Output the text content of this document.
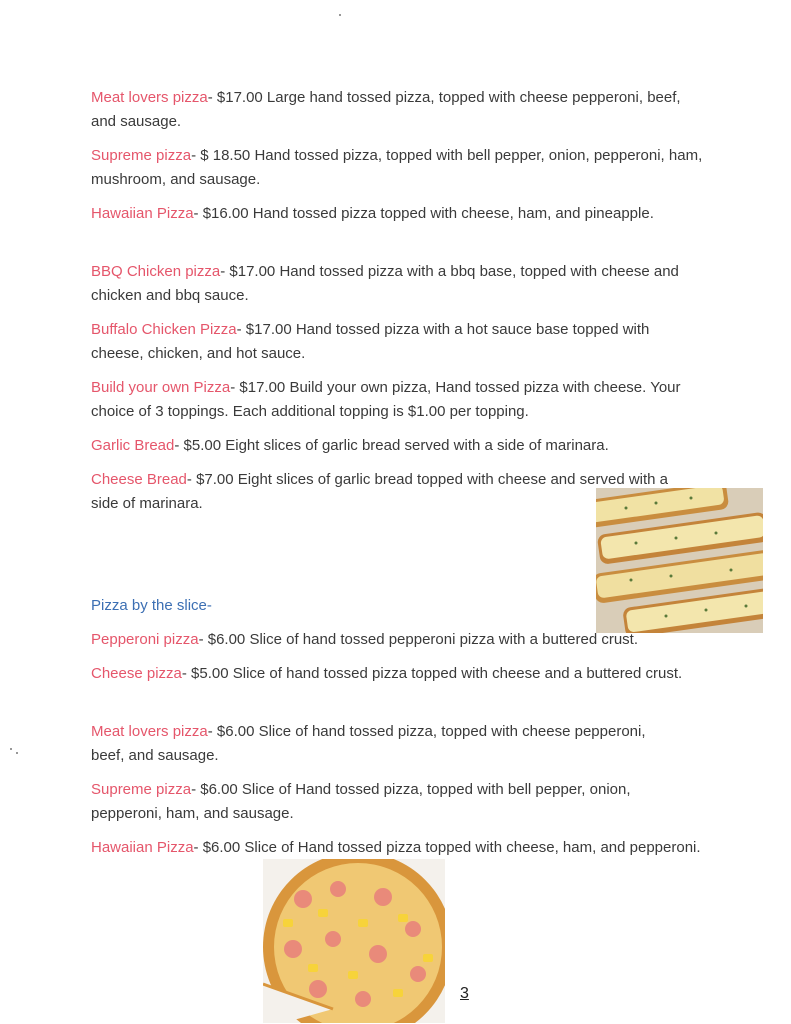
Meat lovers pizza- $17.00 Large hand tossed pizza, topped with cheese pepperoni, beef, and sausage.
Supreme pizza- $ 18.50 Hand tossed pizza, topped with bell pepper, onion, pepperoni, ham, mushroom, and sausage.
Hawaiian Pizza- $16.00 Hand tossed pizza topped with cheese, ham, and pineapple.
BBQ Chicken pizza- $17.00 Hand tossed pizza with a bbq base, topped with cheese and chicken and bbq sauce.
Buffalo Chicken Pizza- $17.00 Hand tossed pizza with a hot sauce base topped with cheese, chicken, and hot sauce.
Build your own Pizza- $17.00 Build your own pizza, Hand tossed pizza with cheese. Your choice of 3 toppings. Each additional topping is $1.00 per topping.
Garlic Bread- $5.00 Eight slices of garlic bread served with a side of marinara.
Cheese Bread- $7.00 Eight slices of garlic bread topped with cheese and served with a side of marinara.
Pizza by the slice-
Pepperoni pizza- $6.00 Slice of hand tossed pepperoni pizza with a buttered crust.
Cheese pizza- $5.00 Slice of hand tossed pizza topped with cheese and a buttered crust.
Meat lovers pizza- $6.00 Slice of hand tossed pizza, topped with cheese pepperoni, beef, and sausage.
Supreme pizza- $6.00 Slice of Hand tossed pizza, topped with bell pepper, onion, pepperoni, ham, and sausage.
Hawaiian Pizza- $6.00 Slice of Hand tossed pizza topped with cheese, ham, and pepperoni.
3
